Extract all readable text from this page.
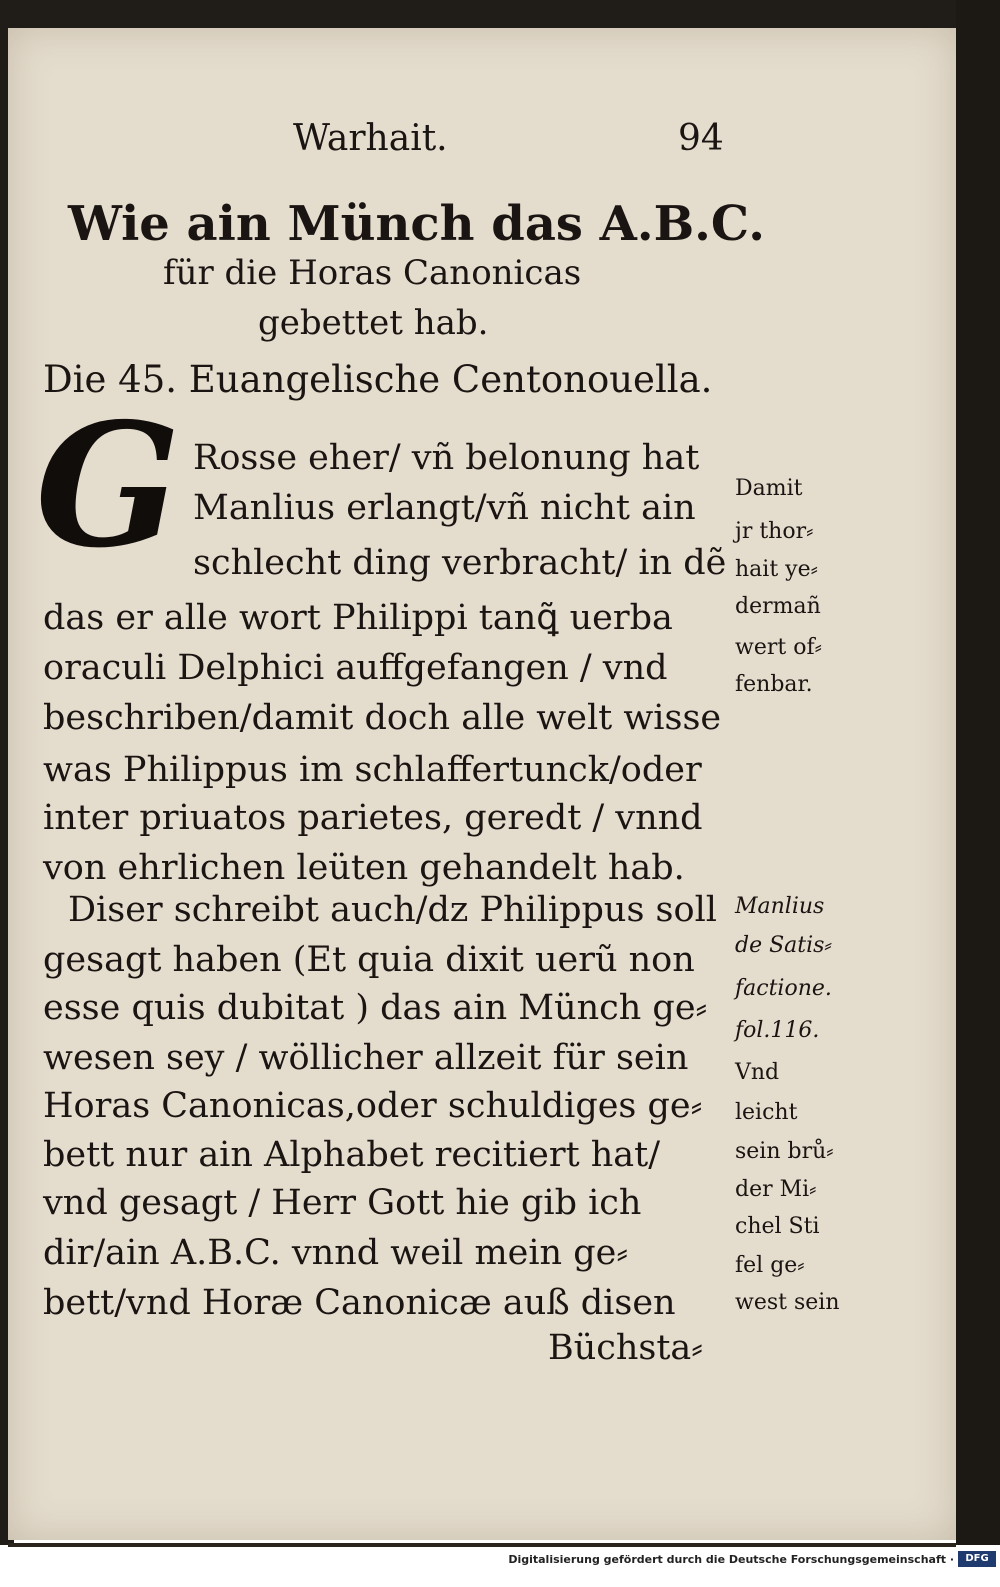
Warhait.	94
Wie ain Münch das A.B.C.
für die Horas Canonicas
gebettet hab.
Die 45. Euangelische Centonouella.
G Rosse eher/ vñ belonung hat
Manlius erlangt/vñ nicht ain
schlecht ding verbracht/ in dẽ
das er alle wort Philippi tanꝗ̃ uerba
oraculi Delphici auffgefangen / vnd
beschriben/damit doch alle welt wisse
was Philippus im schlaffertunck/oder
inter priuatos parietes, geredt / vnnd
von ehrlichen leüten gehandelt hab.
Diser schreibt auch/dz Philippus soll
gesagt haben (Et quia dixit uerũ non
esse quis dubitat ) das ain Münch ge⸗
wesen sey / wöllicher allzeit für sein
Horas Canonicas,oder schuldiges ge⸗
bett nur ain Alphabet recitiert hat/
vnd gesagt / Herr Gott hie gib ich
dir/ain A.B.C. vnnd weil mein ge⸗
bett/vnd Horæ Canonicæ auß disen
Büchsta⸗
Damit
jr thor⸗
hait ye⸗
dermañ
wert of⸗
fenbar.
Manlius
de Satis⸗
factione.
fol.116.
Vnd
leicht
sein brů⸗
der Mi⸗
chel Sti
fel ge⸗
west sein
Digitalisierung gefördert durch die Deutsche Forschungsgemeinschaft ·	DFG
